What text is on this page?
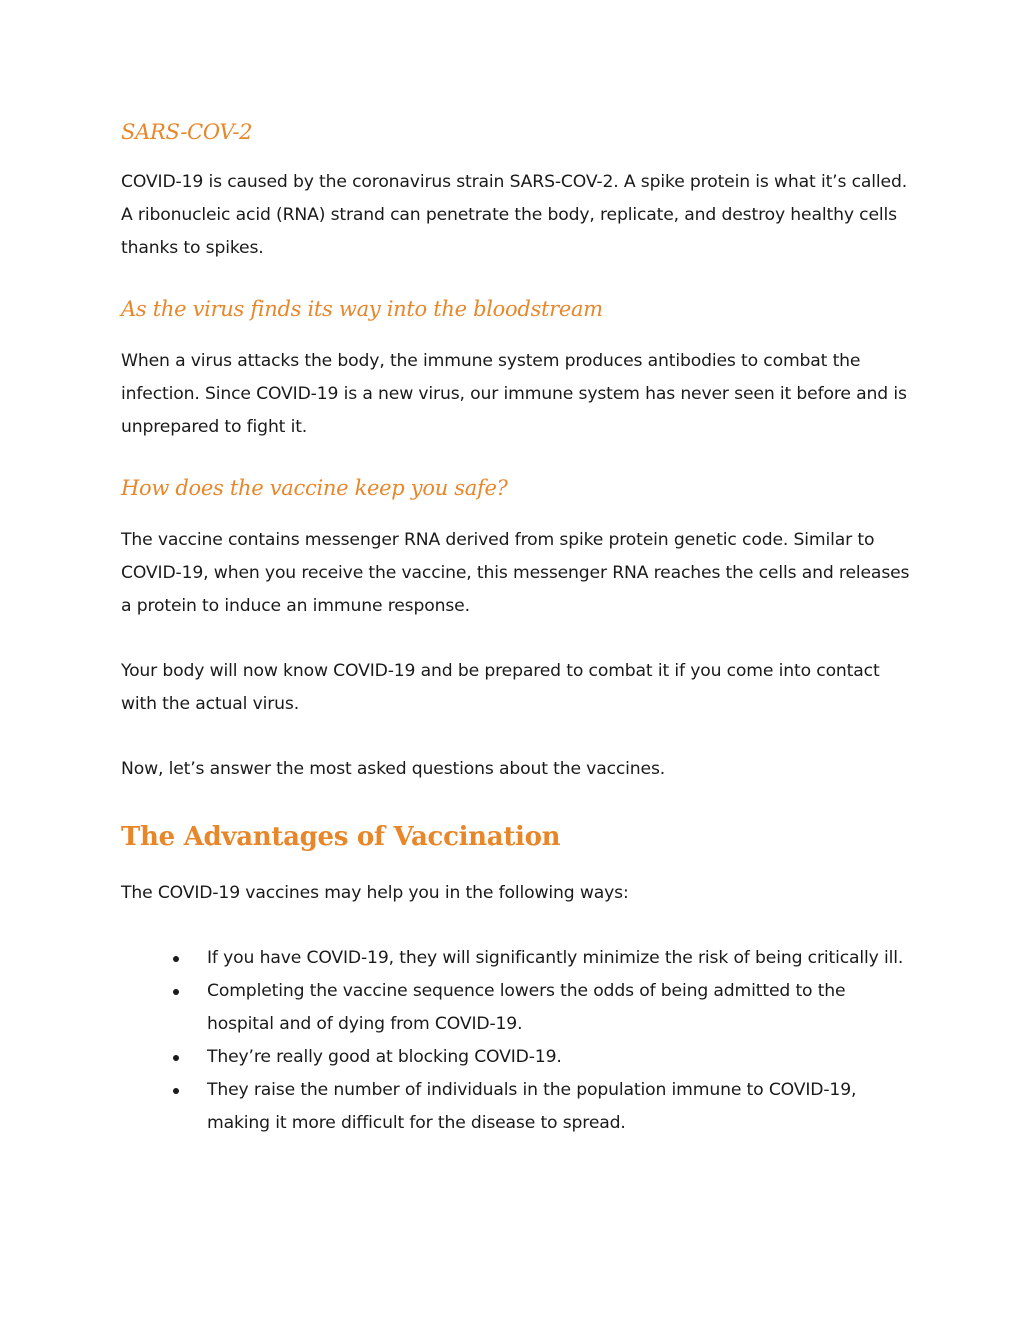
SARS-COV-2

COVID-19 is caused by the coronavirus strain SARS-COV-2. A spike protein is what it’s called. A ribonucleic acid (RNA) strand can penetrate the body, replicate, and destroy healthy cells thanks to spikes.

As the virus finds its way into the bloodstream

When a virus attacks the body, the immune system produces antibodies to combat the infection. Since COVID-19 is a new virus, our immune system has never seen it before and is unprepared to fight it.

How does the vaccine keep you safe?

The vaccine contains messenger RNA derived from spike protein genetic code. Similar to COVID-19, when you receive the vaccine, this messenger RNA reaches the cells and releases a protein to induce an immune response.

Your body will now know COVID-19 and be prepared to combat it if you come into contact with the actual virus.

Now, let’s answer the most asked questions about the vaccines.

The Advantages of Vaccination

The COVID-19 vaccines may help you in the following ways:

If you have COVID-19, they will significantly minimize the risk of being critically ill.
Completing the vaccine sequence lowers the odds of being admitted to the hospital and of dying from COVID-19.
They’re really good at blocking COVID-19.
They raise the number of individuals in the population immune to COVID-19, making it more difficult for the disease to spread.
